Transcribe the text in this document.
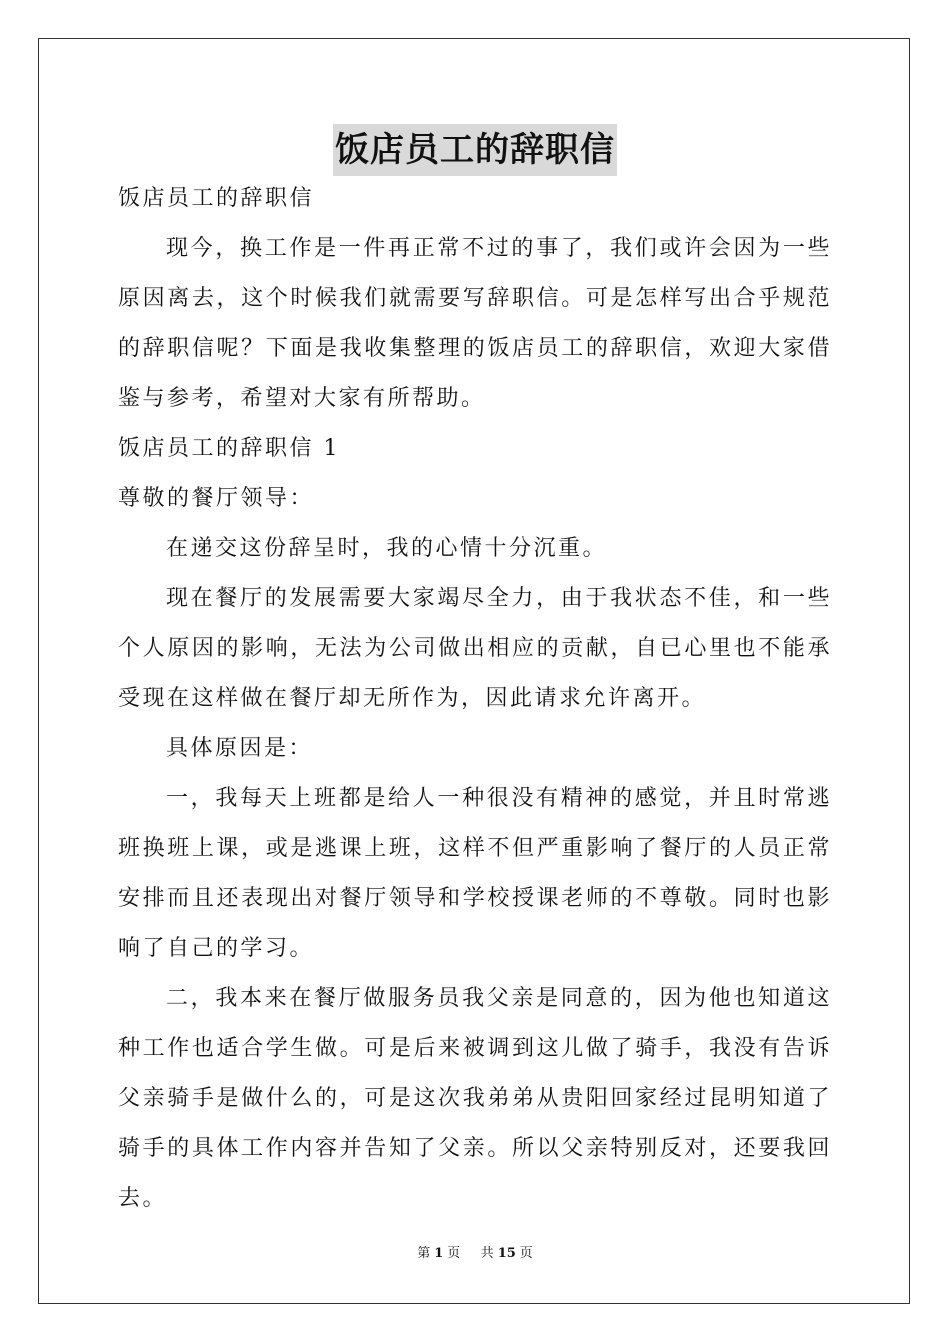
饭店员工的辞职信

饭店员工的辞职信

现今，换工作是一件再正常不过的事了，我们或许会因为一些原因离去，这个时候我们就需要写辞职信。可是怎样写出合乎规范的辞职信呢？下面是我收集整理的饭店员工的辞职信，欢迎大家借鉴与参考，希望对大家有所帮助。

饭店员工的辞职信 1

尊敬的餐厅领导：

在递交这份辞呈时，我的心情十分沉重。

现在餐厅的发展需要大家竭尽全力，由于我状态不佳，和一些个人原因的影响，无法为公司做出相应的贡献，自已心里也不能承受现在这样做在餐厅却无所作为，因此请求允许离开。

具体原因是：

一，我每天上班都是给人一种很没有精神的感觉，并且时常逃班换班上课，或是逃课上班，这样不但严重影响了餐厅的人员正常安排而且还表现出对餐厅领导和学校授课老师的不尊敬。同时也影响了自己的学习。

二，我本来在餐厅做服务员我父亲是同意的，因为他也知道这种工作也适合学生做。可是后来被调到这儿做了骑手，我没有告诉父亲骑手是做什么的，可是这次我弟弟从贵阳回家经过昆明知道了骑手的具体工作内容并告知了父亲。所以父亲特别反对，还要我回去。

第 1 页 共 15 页
